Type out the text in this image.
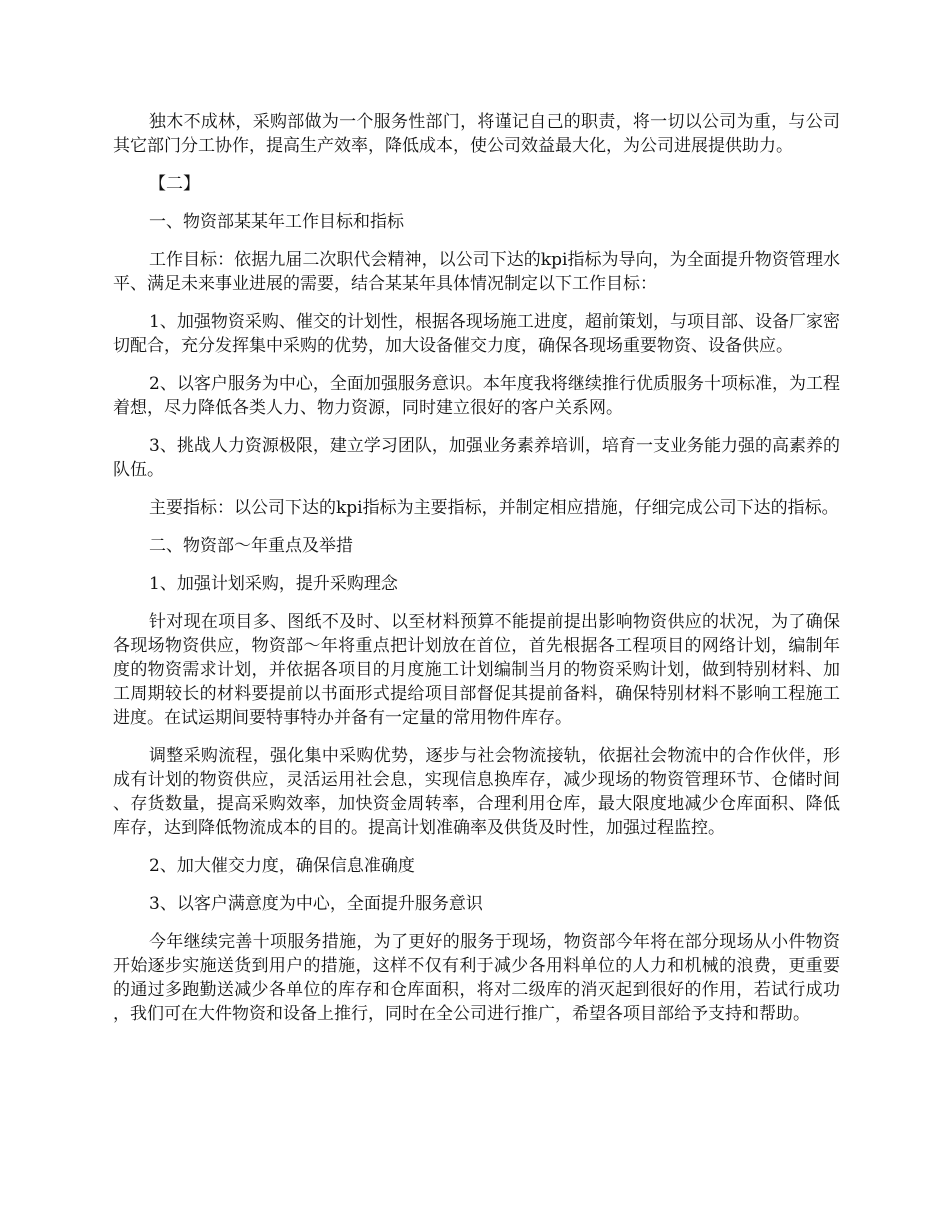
独木不成林，采购部做为一个服务性部门，将谨记自己的职责，将一切以公司为重，与公司其它部门分工协作，提高生产效率，降低成本，使公司效益最大化，为公司进展提供助力。

【二】

一、物资部某某年工作目标和指标

工作目标：依据九届二次职代会精神，以公司下达的kpi指标为导向，为全面提升物资管理水平、满足未来事业进展的需要，结合某某年具体情况制定以下工作目标：

1、加强物资采购、催交的计划性，根据各现场施工进度，超前策划，与项目部、设备厂家密切配合，充分发挥集中采购的优势，加大设备催交力度，确保各现场重要物资、设备供应。

2、以客户服务为中心，全面加强服务意识。本年度我将继续推行优质服务十项标准，为工程着想，尽力降低各类人力、物力资源，同时建立很好的客户关系网。

3、挑战人力资源极限，建立学习团队，加强业务素养培训，培育一支业务能力强的高素养的队伍。

主要指标：以公司下达的kpi指标为主要指标，并制定相应措施，仔细完成公司下达的指标。

二、物资部～年重点及举措

1、加强计划采购，提升采购理念

针对现在项目多、图纸不及时、以至材料预算不能提前提出影响物资供应的状况，为了确保各现场物资供应，物资部～年将重点把计划放在首位，首先根据各工程项目的网络计划，编制年度的物资需求计划，并依据各项目的月度施工计划编制当月的物资采购计划，做到特别材料、加工周期较长的材料要提前以书面形式提给项目部督促其提前备料，确保特别材料不影响工程施工进度。在试运期间要特事特办并备有一定量的常用物件库存。

调整采购流程，强化集中采购优势，逐步与社会物流接轨，依据社会物流中的合作伙伴，形成有计划的物资供应，灵活运用社会息，实现信息换库存，减少现场的物资管理环节、仓储时间、存货数量，提高采购效率，加快资金周转率，合理利用仓库，最大限度地减少仓库面积、降低库存，达到降低物流成本的目的。提高计划准确率及供货及时性，加强过程监控。

2、加大催交力度，确保信息准确度

3、以客户满意度为中心，全面提升服务意识

今年继续完善十项服务措施，为了更好的服务于现场，物资部今年将在部分现场从小件物资开始逐步实施送货到用户的措施，这样不仅有利于减少各用料单位的人力和机械的浪费，更重要的通过多跑勤送减少各单位的库存和仓库面积，将对二级库的消灭起到很好的作用，若试行成功，我们可在大件物资和设备上推行，同时在全公司进行推广，希望各项目部给予支持和帮助。
